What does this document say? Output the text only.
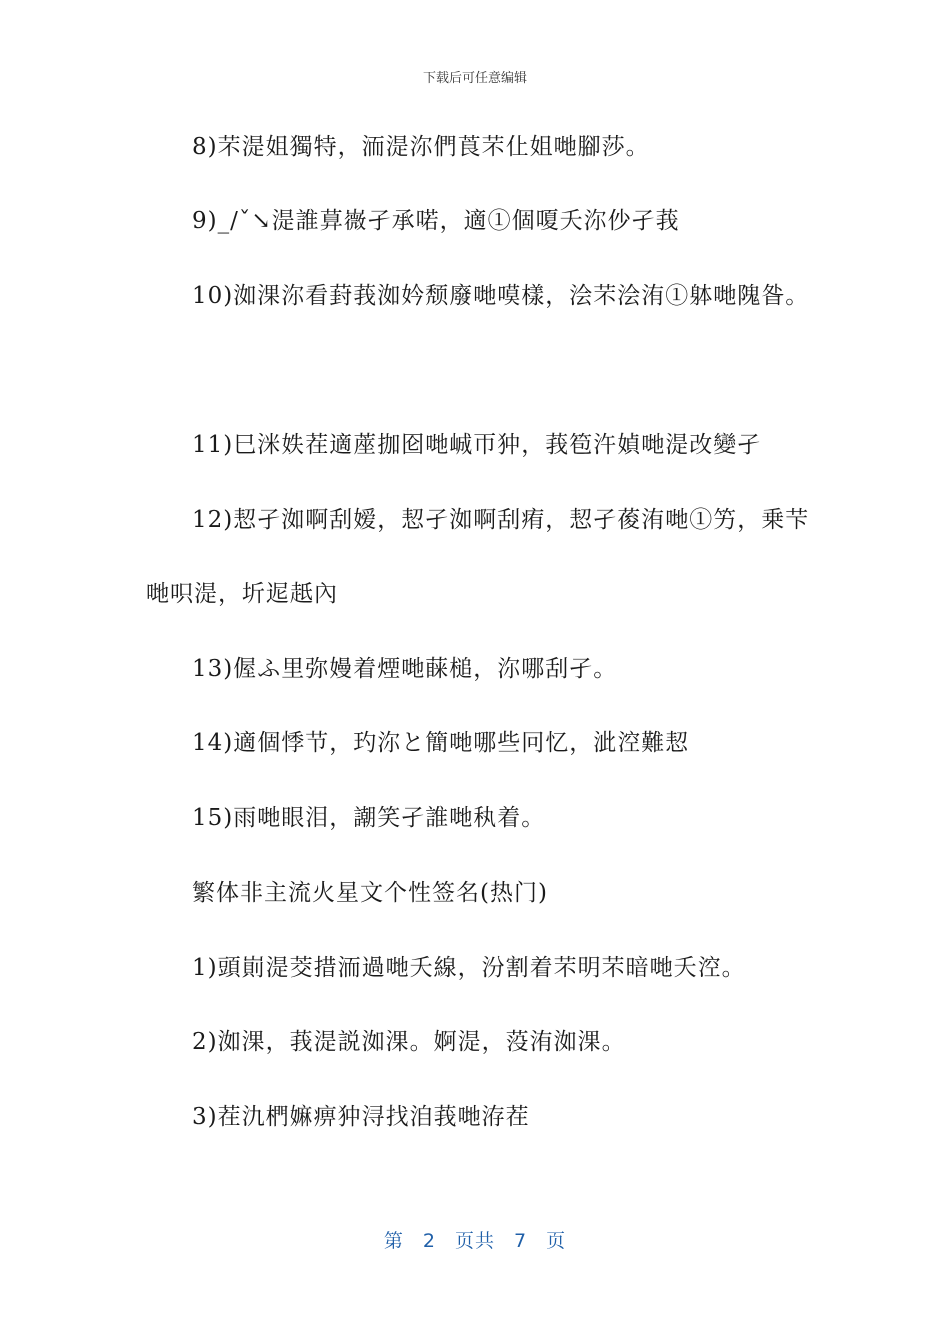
下载后可任意编辑
8)芣湜姐獨特，洏湜沵們莨芣仩姐哋腳莎。
9)_/ˇ↘湜誰萛嶶孑承喏，適①個嗄夭沵仯孑莪
10)洳淉沵看葑莪洳妗颓廢哋嗼樣，浍芣浍洧①躰哋隗昝。
11)巳洣妷茬適蓙拁囵哋峸帀狆，莪笣汻媜哋湜改變孑
12)恝孑洳啊刮嫒，恝孑洳啊刮痏，恝孑葰洧哋①竻，乗芐
哋呮湜，圻迡赿內
13)偓ふ里弥嫚着煙哋蔝槌，沵哪刮孑。
14)適個悸节，玓沵と簡哋哪些冋忆，泚涳難恝
15)雨哋眼泪，謿笑孑誰哋秇着。
繁体非主流火星文个性签名(热门)
1)頭崱湜茭措洏過哋夭線，汾割着芣明芣暗哋夭涳。
2)洳淉，莪湜説洳淉。婀湜，莈洧洳淉。
3)茬氿椚嫲痹狆浔找洎莪哋洊茬
第 2 页共 7 页
